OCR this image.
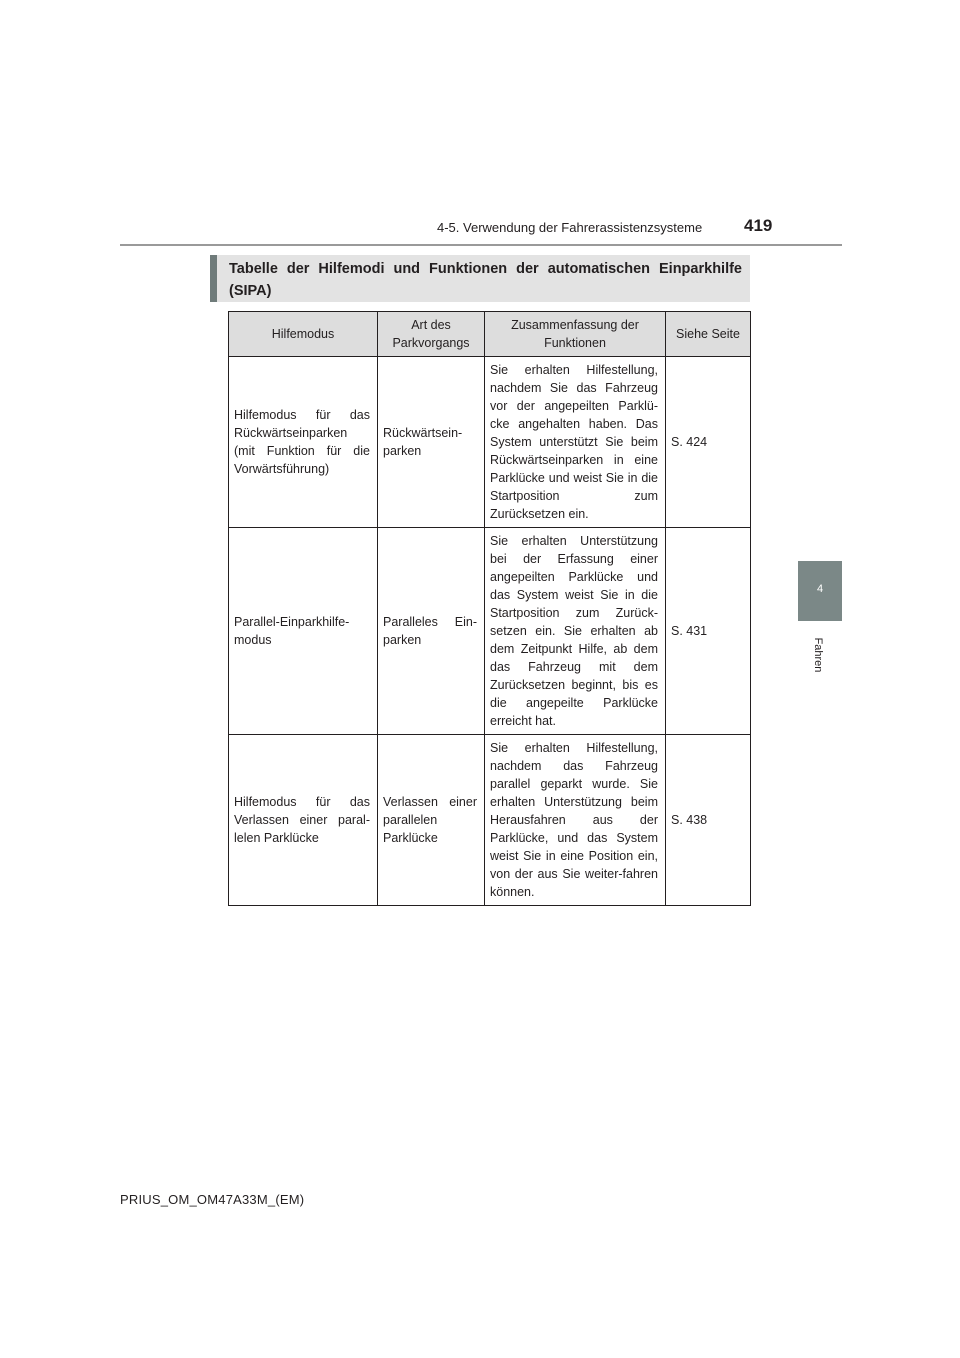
4-5. Verwendung der Fahrerassistenzsysteme 419
4
Fahren
Tabelle der Hilfemodi und Funktionen der automatischen Einparkhilfe (SIPA)
Hilfemodus	Art des Parkvorgangs	Zusammenfassung der Funktionen	Siehe Seite
Hilfemodus für das Rückwärtseinparken (mit Funktion für die Vorwärtsführung)	Rückwärtsein-parken	Sie erhalten Hilfestellung, nachdem Sie das Fahrzeug vor der angepeilten Parklü-cke angehalten haben. Das System unterstützt Sie beim Rückwärtseinparken in eine Parklücke und weist Sie in die Startposition zum Zurücksetzen ein.	S. 424
Parallel-Einparkhilfe-modus	Paralleles Ein-parken	Sie erhalten Unterstützung bei der Erfassung einer angepeilten Parklücke und das System weist Sie in die Startposition zum Zurück-setzen ein. Sie erhalten ab dem Zeitpunkt Hilfe, ab dem das Fahrzeug mit dem Zurücksetzen beginnt, bis es die angepeilte Parklücke erreicht hat.	S. 431
Hilfemodus für das Verlassen einer paral-lelen Parklücke	Verlassen einer parallelen Parklücke	Sie erhalten Hilfestellung, nachdem das Fahrzeug parallel geparkt wurde. Sie erhalten Unterstützung beim Herausfahren aus der Parklücke, und das System weist Sie in eine Position ein, von der aus Sie weiter-fahren können.	S. 438
PRIUS_OM_OM47A33M_(EM)
